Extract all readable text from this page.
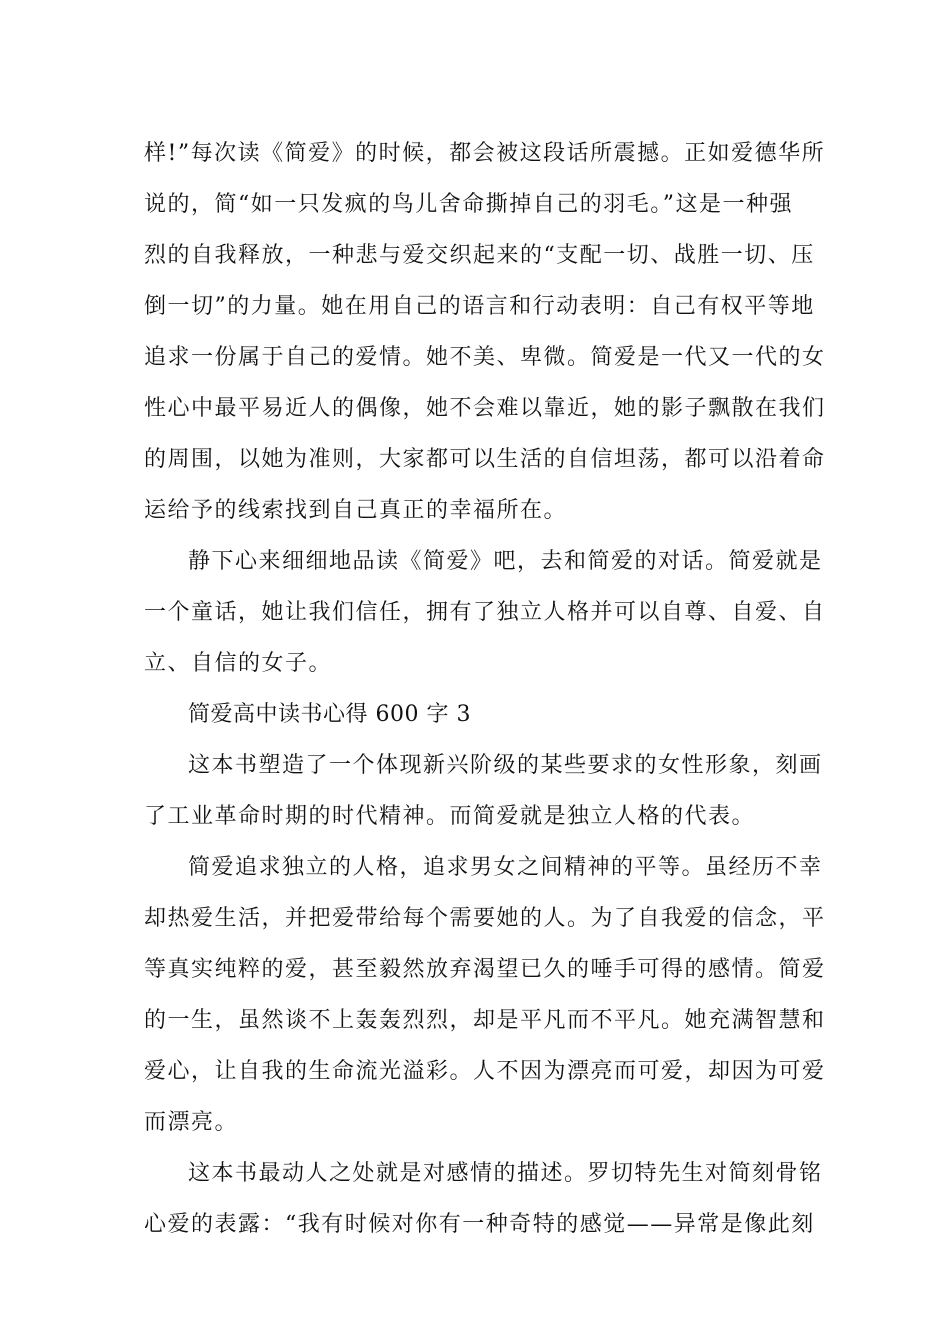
样!”每次读《简爱》的时候，都会被这段话所震撼。正如爱德华所
说的，简“如一只发疯的鸟儿舍命撕掉自己的羽毛。”这是一种强
烈的自我释放，一种悲与爱交织起来的“支配一切、战胜一切、压
倒一切”的力量。她在用自己的语言和行动表明：自己有权平等地
追求一份属于自己的爱情。她不美、卑微。简爱是一代又一代的女
性心中最平易近人的偶像，她不会难以靠近，她的影子飘散在我们
的周围，以她为准则，大家都可以生活的自信坦荡，都可以沿着命
运给予的线索找到自己真正的幸福所在。
静下心来细细地品读《简爱》吧，去和简爱的对话。简爱就是
一个童话，她让我们信任，拥有了独立人格并可以自尊、自爱、自
立、自信的女子。
简爱高中读书心得 600 字 3
这本书塑造了一个体现新兴阶级的某些要求的女性形象，刻画
了工业革命时期的时代精神。而简爱就是独立人格的代表。
简爱追求独立的人格，追求男女之间精神的平等。虽经历不幸
却热爱生活，并把爱带给每个需要她的人。为了自我爱的信念，平
等真实纯粹的爱，甚至毅然放弃渴望已久的唾手可得的感情。简爱
的一生，虽然谈不上轰轰烈烈，却是平凡而不平凡。她充满智慧和
爱心，让自我的生命流光溢彩。人不因为漂亮而可爱，却因为可爱
而漂亮。
这本书最动人之处就是对感情的描述。罗切特先生对简刻骨铭
心爱的表露：“我有时候对你有一种奇特的感觉——异常是像此刻
